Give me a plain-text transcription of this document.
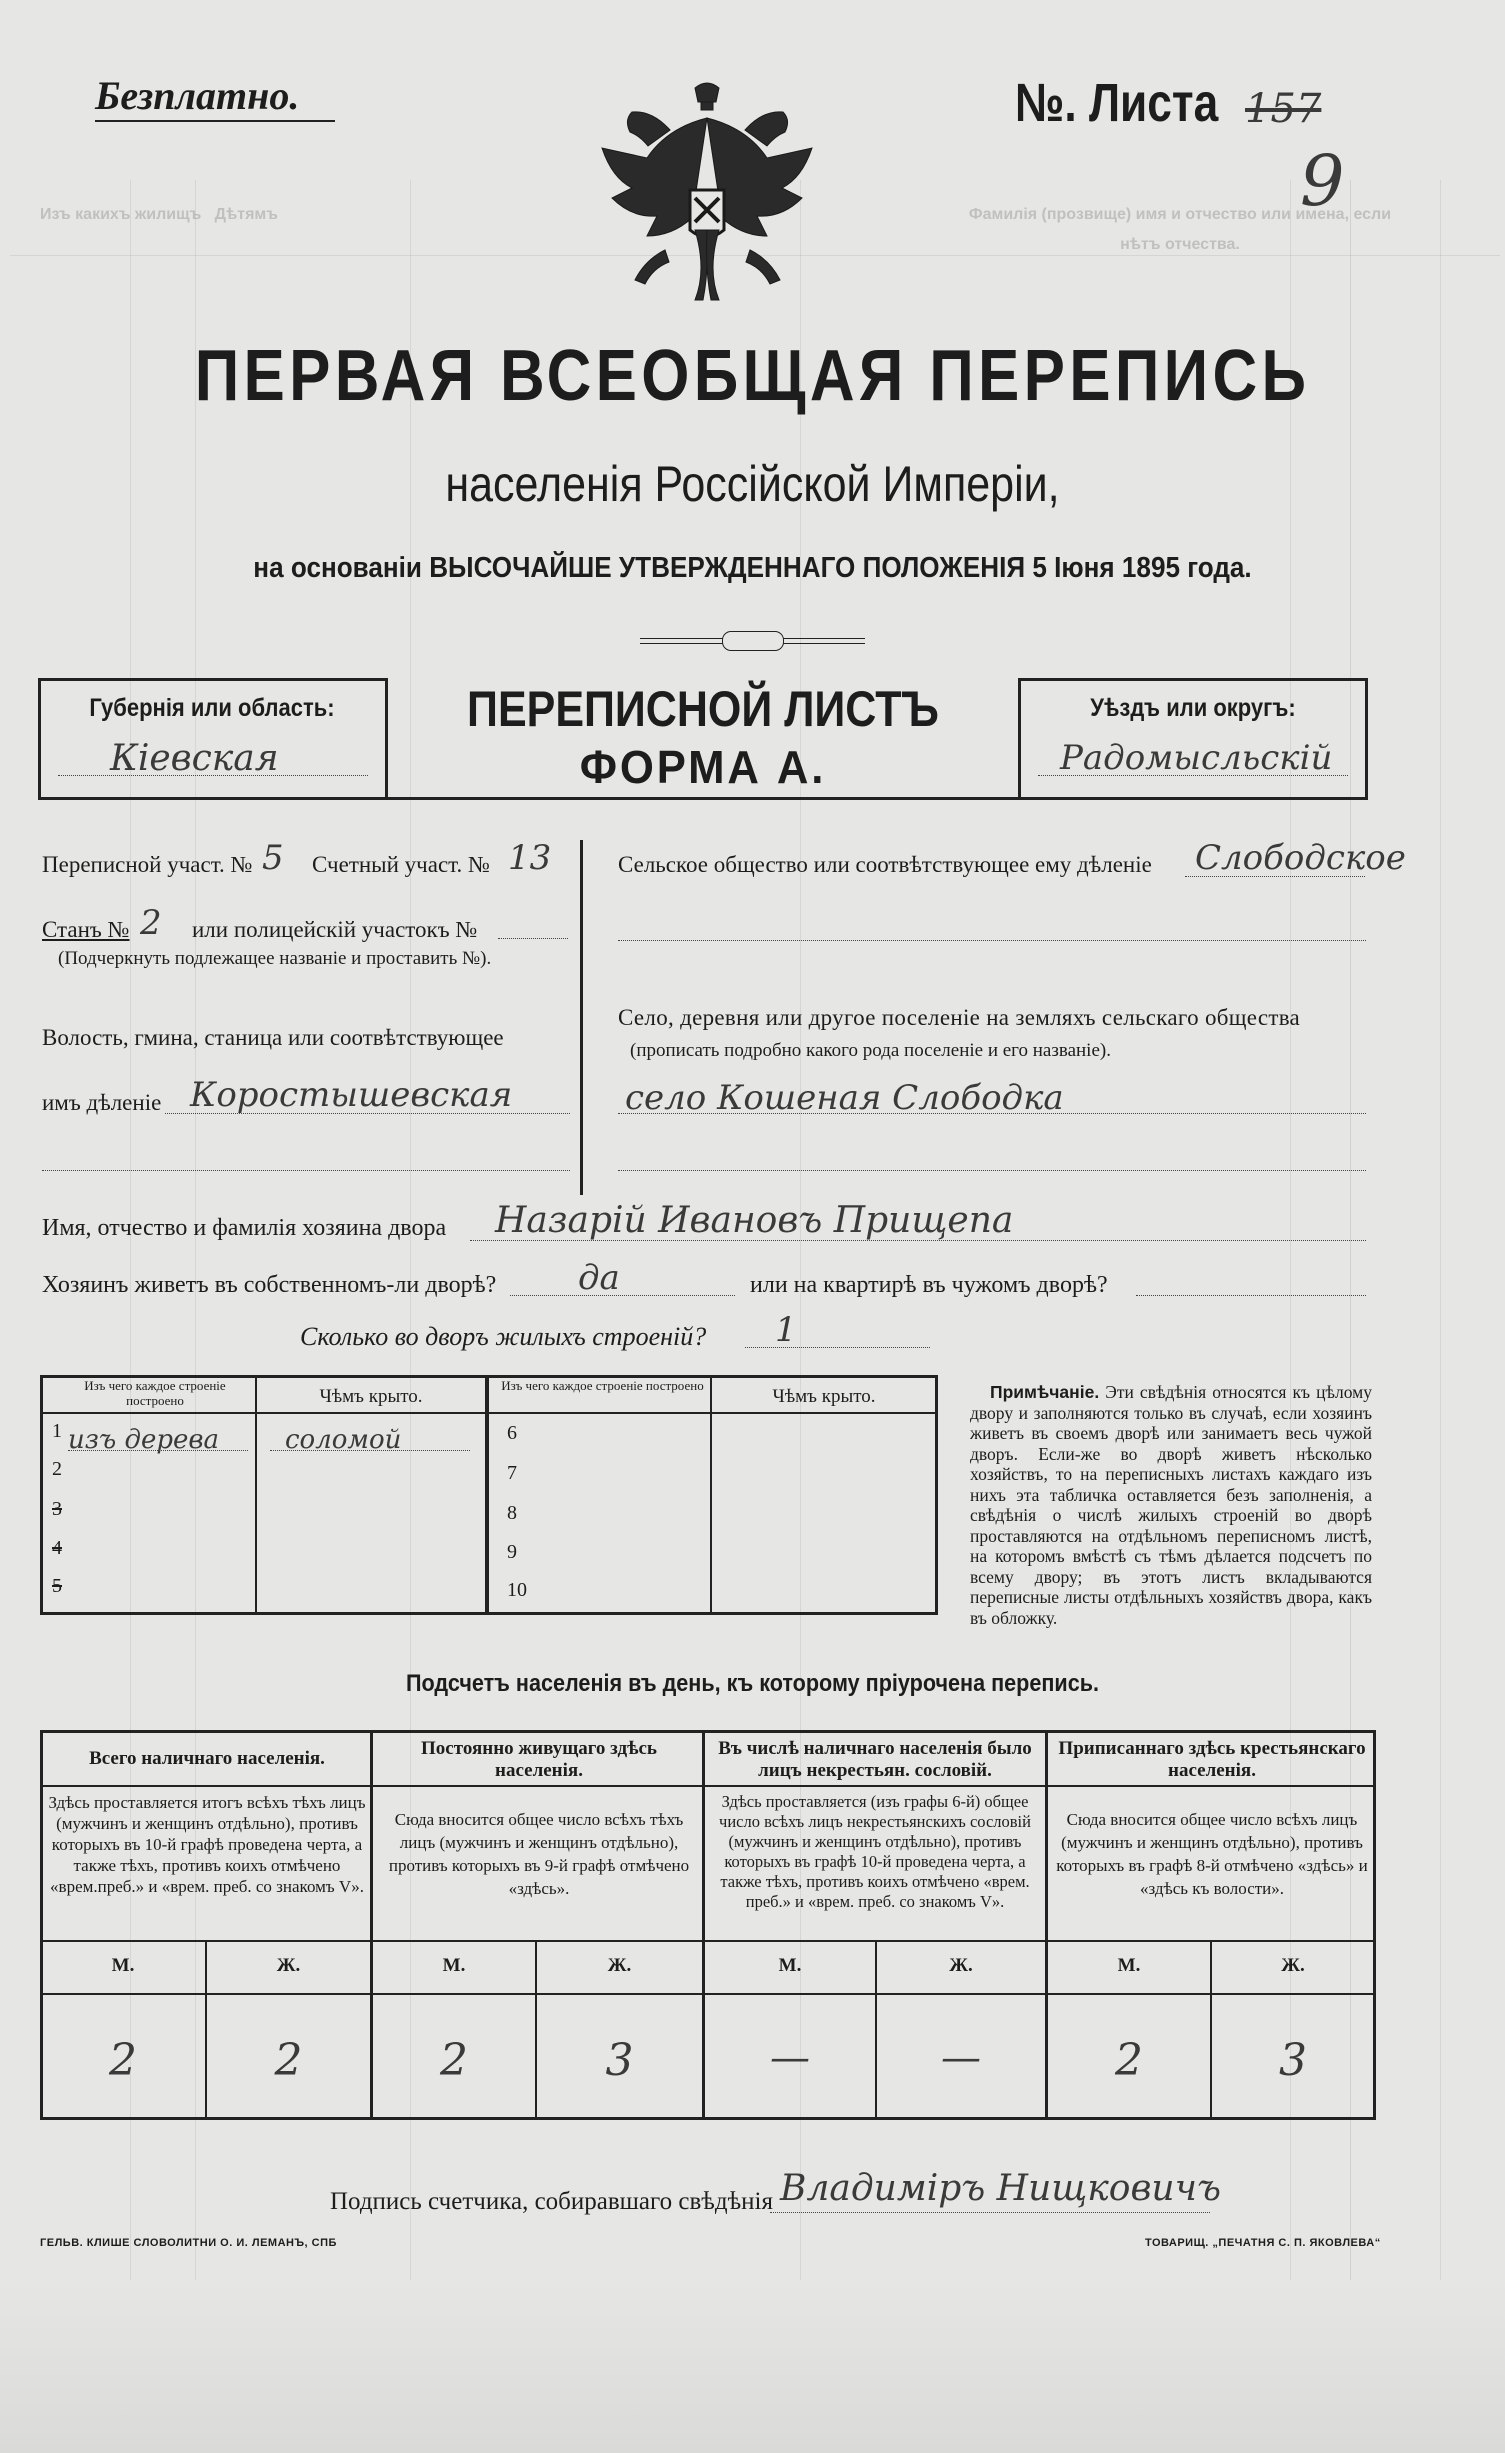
Безплатно.	№. Листа 157
9
Изъ какихъ жилищъ   Дѣтямъ	Фамилія (прозвище) имя и отчество или имена, если нѣтъ отчества.
ПЕРВАЯ ВСЕОБЩАЯ ПЕРЕПИСЬ
населенія Россійской Имперіи,
на основаніи ВЫСОЧАЙШЕ УТВЕРЖДЕННАГО ПОЛОЖЕНІЯ 5 Іюня 1895 года.
Губернія или область:
Кіевская
ПЕРЕПИСНОЙ ЛИСТЪ
ФОРМА А.
Уѣздъ или округъ:
Радомысльскій
Переписной участ. № 5 Счетный участ. № 13
Станъ № 2 или полицейскій участокъ №
(Подчеркнуть подлежащее названіе и проставить №).
Волость, гмина, станица или соотвѣтствующее
имъ дѣленіе Коростышевская
Сельское общество или соотвѣтствующее ему дѣленіе Слободское
Село, деревня или другое поселеніе на земляхъ сельскаго общества
(прописать подробно какого рода поселеніе и его названіе).
село Кошеная Слободка
Имя, отчество и фамилія хозяина двора Назарій Ивановъ Прищепа
Хозяинъ живетъ въ собственномъ-ли дворѣ? да	или на квартирѣ въ чужомъ дворѣ?
Сколько во дворъ жилыхъ строеній? 1
Изъ чего каждое строеніе построено	Чѣмъ крыто.
Изъ чего каждое строеніе построено
Чѣмъ крыто.
1 изъ дерева	соломой
2
3
4
5
6
7
8
9
10
Примѣчаніе. Эти свѣдѣнія относятся къ цѣлому двору и заполняются только въ случаѣ, если хозяинъ живетъ въ своемъ дворѣ или занимаетъ весь чужой дворъ. Если-же во дворѣ живетъ нѣсколько хозяйствъ, то на переписныхъ листахъ каждаго изъ нихъ эта табличка оставляется безъ заполненія, а свѣдѣнія о числѣ жилыхъ строеній во дворѣ проставляются на отдѣльномъ переписномъ листѣ, на которомъ вмѣстѣ съ тѣмъ дѣлается подсчетъ по всему двору; въ этотъ листъ вкладываются переписные листы отдѣльныхъ хозяйствъ двора, какъ въ обложку.
Подсчетъ населенія въ день, къ которому пріурочена перепись.
Всего наличнаго населенія.
Здѣсь проставляется итогъ всѣхъ тѣхъ лицъ (мужчинъ и женщинъ отдѣльно), противъ которыхъ въ 10-й графѣ проведена черта, а также тѣхъ, противъ коихъ отмѣчено «врем.преб.» и «врем. преб. со знакомъ V».
Постоянно живущаго здѣсь населенія.
Сюда вносится общее число всѣхъ тѣхъ лицъ (мужчинъ и женщинъ отдѣльно), противъ которыхъ въ 9-й графѣ отмѣчено «здѣсь».
Въ числѣ наличнаго населенія было лицъ некрестьян. сословій.
Здѣсь проставляется (изъ графы 6-й) общее число всѣхъ лицъ некрестьянскихъ сословій (мужчинъ и женщинъ отдѣльно), противъ которыхъ въ графѣ 10-й проведена черта, а также тѣхъ, противъ коихъ отмѣчено «врем. преб.» и «врем. преб. со знакомъ V».
Приписаннаго здѣсь крестьянскаго населенія.
Сюда вносится общее число всѣхъ лицъ (мужчинъ и женщинъ отдѣльно), противъ которыхъ въ графѣ 8-й отмѣчено «здѣсь» и «здѣсь къ волости».
М.	Ж.	М.	Ж.	М.	Ж.	М.	Ж.
2	2	2	3	—	—	2	3
Подпись счетчика, собиравшаго свѣдѣнія Владиміръ Нищковичъ
ГЕЛЬВ. КЛИШЕ СЛОВОЛИТНИ О. И. ЛЕМАНЪ, СПБ	ТОВАРИЩ. „ПЕЧАТНЯ С. П. ЯКОВЛЕВА“
